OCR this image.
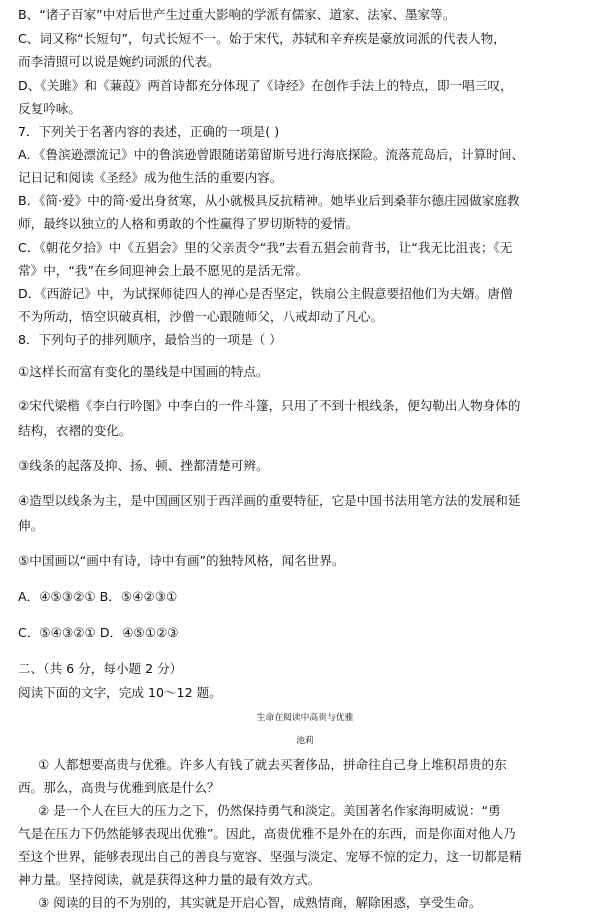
B、“诸子百家”中对后世产生过重大影响的学派有儒家、道家、法家、墨家等。
C、词又称“长短句”，句式长短不一。始于宋代，苏轼和辛弃疾是豪放词派的代表人物，
而李清照可以说是婉约词派的代表。
D、《关雎》和《蒹葭》两首诗都充分体现了《诗经》在创作手法上的特点，即一唱三叹，
反复吟咏。
7．下列关于名著内容的表述，正确的一项是( )
A．《鲁滨逊漂流记》中的鲁滨逊曾跟随诺第留斯号进行海底探险。流落荒岛后，计算时间、
记日记和阅读《圣经》成为他生活的重要内容。
B．《简·爱》中的简·爱出身贫寒，从小就极具反抗精神。她毕业后到桑菲尔德庄园做家庭教
师，最终以独立的人格和勇敢的个性赢得了罗切斯特的爱情。
C．《朝花夕拾》中《五猖会》里的父亲责令“我”去看五猖会前背书，让“我无比沮丧；《无
常》中，“我”在乡间迎神会上最不愿见的是活无常。
D．《西游记》中，为试探师徒四人的禅心是否坚定，铁扇公主假意要招他们为夫婿。唐僧
不为所动，悟空识破真相，沙僧一心跟随师父，八戒却动了凡心。
8．下列句子的排列顺序，最恰当的一项是（ ）
①这样长而富有变化的墨线是中国画的特点。
②宋代梁楷《李白行吟图》中李白的一件斗篷，只用了不到十根线条，便勾勒出人物身体的
结构，衣褶的变化。
③线条的起落及抑、扬、顿、挫都清楚可辨。
④造型以线条为主，是中国画区别于西洋画的重要特征，它是中国书法用笔方法的发展和延
伸。
⑤中国画以“画中有诗，诗中有画”的独特风格，闻名世界。
A．④⑤③②① B．⑤④②③①
C．⑤④③②① D．④⑤①②③
二、（共 6 分，每小题 2 分）
阅读下面的文字，完成 10～12 题。
生命在阅读中高贵与优雅
池莉
① 人都想要高贵与优雅。许多人有钱了就去买奢侈品，拼命往自己身上堆积昂贵的东
西。那么，高贵与优雅到底是什么？
② 是一个人在巨大的压力之下，仍然保持勇气和淡定。美国著名作家海明威说：“勇
气是在压力下仍然能够表现出优雅”。因此，高贵优雅不是外在的东西，而是你面对他人乃
至这个世界，能够表现出自己的善良与宽容、坚强与淡定、宠辱不惊的定力，这一切都是精
神力量。坚持阅读，就是获得这种力量的最有效方式。
③ 阅读的目的不为别的，其实就是开启心智，成熟情商，解除困惑，享受生命。
